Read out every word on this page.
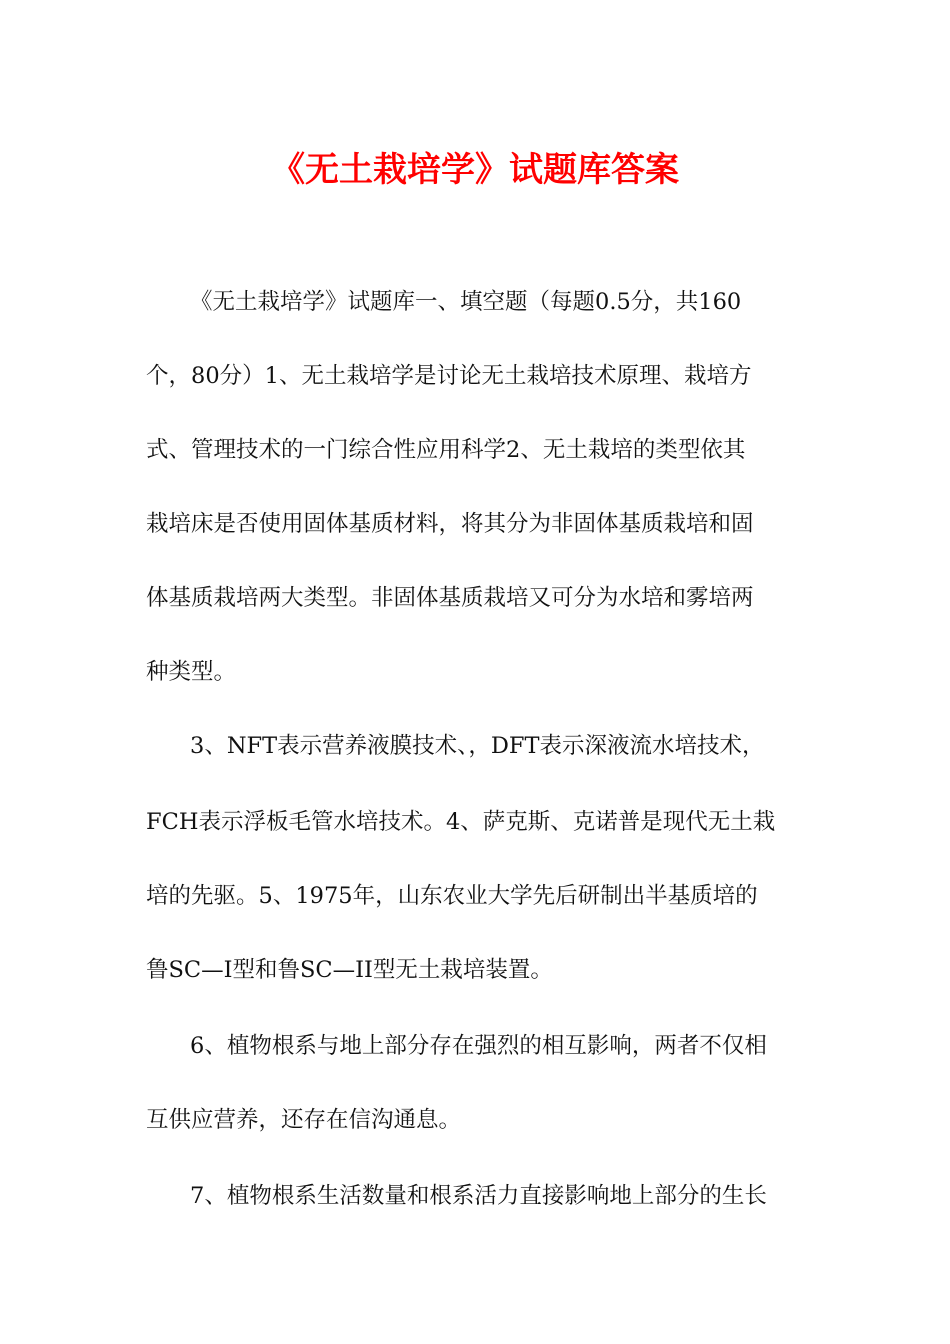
《无土栽培学》试题库答案
《无土栽培学》试题库一、填空题（每题0.5分，共160
个，80分）1、无土栽培学是讨论无土栽培技术原理、栽培方
式、管理技术的一门综合性应用科学2、无土栽培的类型依其
栽培床是否使用固体基质材料，将其分为非固体基质栽培和固
体基质栽培两大类型。非固体基质栽培又可分为水培和雾培两
种类型。
3、NFT表示营养液膜技术、，DFT表示深液流水培技术，
FCH表示浮板毛管水培技术。4、萨克斯、克诺普是现代无土栽
培的先驱。5、1975年，山东农业大学先后研制出半基质培的
鲁SC—I型和鲁SC—II型无土栽培装置。
6、植物根系与地上部分存在强烈的相互影响，两者不仅相
互供应营养，还存在信沟通息。
7、植物根系生活数量和根系活力直接影响地上部分的生长
